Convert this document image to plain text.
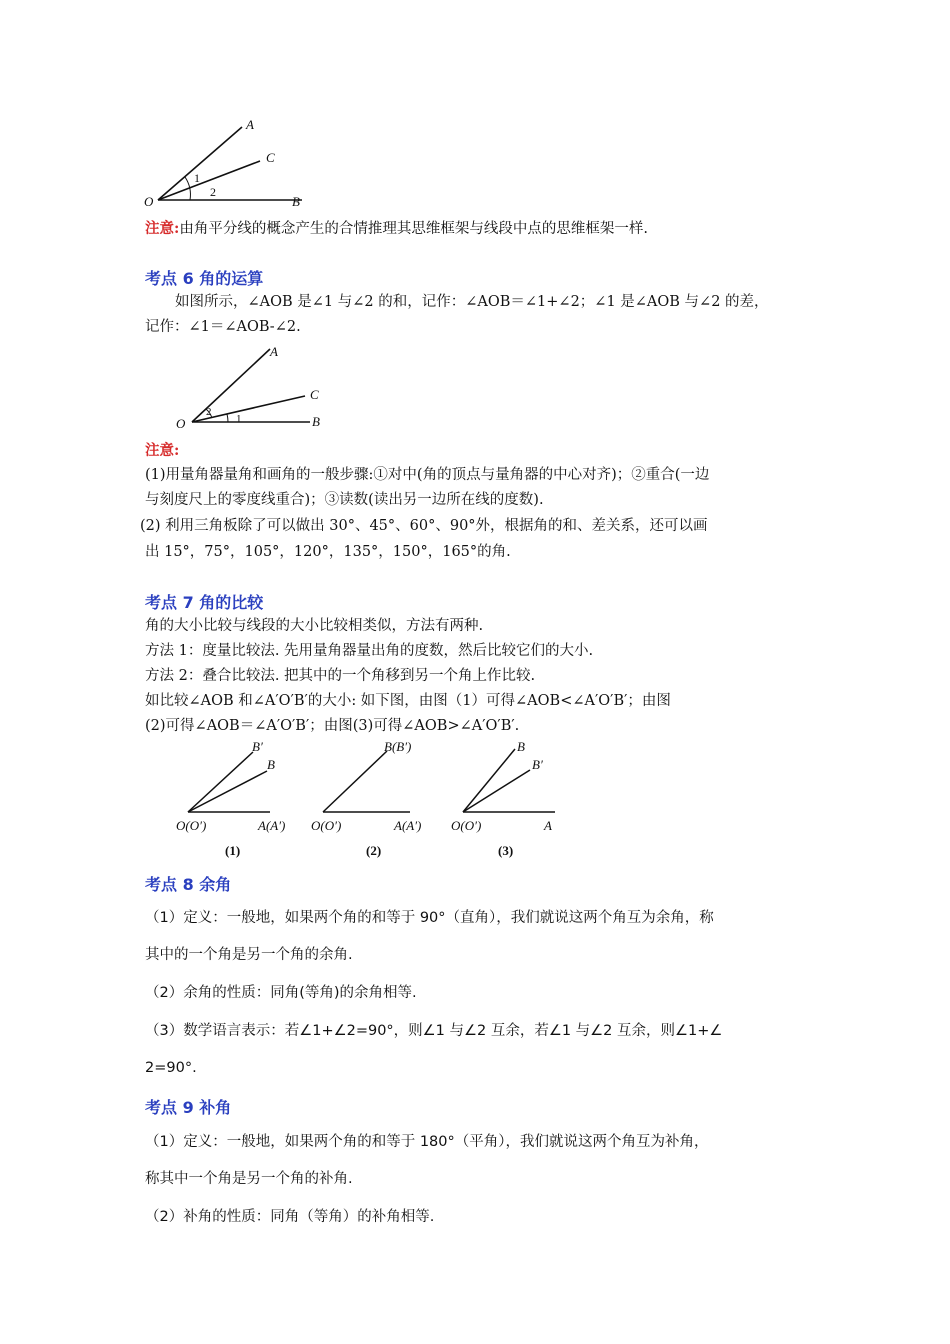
A
C
O	B
1
2
注意:由角平分线的概念产生的合情推理其思维框架与线段中点的思维框架一样.
考点 6 角的运算
如图所示，∠AOB 是∠1 与∠2 的和，记作：∠AOB＝∠1+∠2；∠1 是∠AOB 与∠2 的差，
记作：∠1＝∠AOB-∠2.
A
C
O	B
1
2
注意:
(1)用量角器量角和画角的一般步骤:①对中(角的顶点与量角器的中心对齐)；②重合(一边
与刻度尺上的零度线重合)；③读数(读出另一边所在线的度数).
(2) 利用三角板除了可以做出 30°、45°、60°、90°外，根据角的和、差关系，还可以画
出 15°，75°，105°，120°，135°，150°，165°的角.
考点 7 角的比较
角的大小比较与线段的大小比较相类似，方法有两种.
方法 1：度量比较法. 先用量角器量出角的度数，然后比较它们的大小.
方法 2：叠合比较法. 把其中的一个角移到另一个角上作比较.
如比较∠AOB 和∠A′O′B′的大小: 如下图，由图（1）可得∠AOB<∠A′O′B′；由图
(2)可得∠AOB＝∠A′O′B′；由图(3)可得∠AOB>∠A′O′B′.
B′
B
O(O′)	A(A′)
(1)
B(B′)
O(O′)	A(A′)
(2)
B
B′
O(O′)	A
(3)
考点 8 余角
（1）定义：一般地，如果两个角的和等于 90°（直角），我们就说这两个角互为余角，称
其中的一个角是另一个角的余角.
（2）余角的性质：同角(等角)的余角相等.
（3）数学语言表示：若∠1+∠2=90°，则∠1 与∠2 互余，若∠1 与∠2 互余，则∠1+∠
2=90°.
考点 9 补角
（1）定义：一般地，如果两个角的和等于 180°（平角），我们就说这两个角互为补角，
称其中一个角是另一个角的补角.
（2）补角的性质：同角（等角）的补角相等.
